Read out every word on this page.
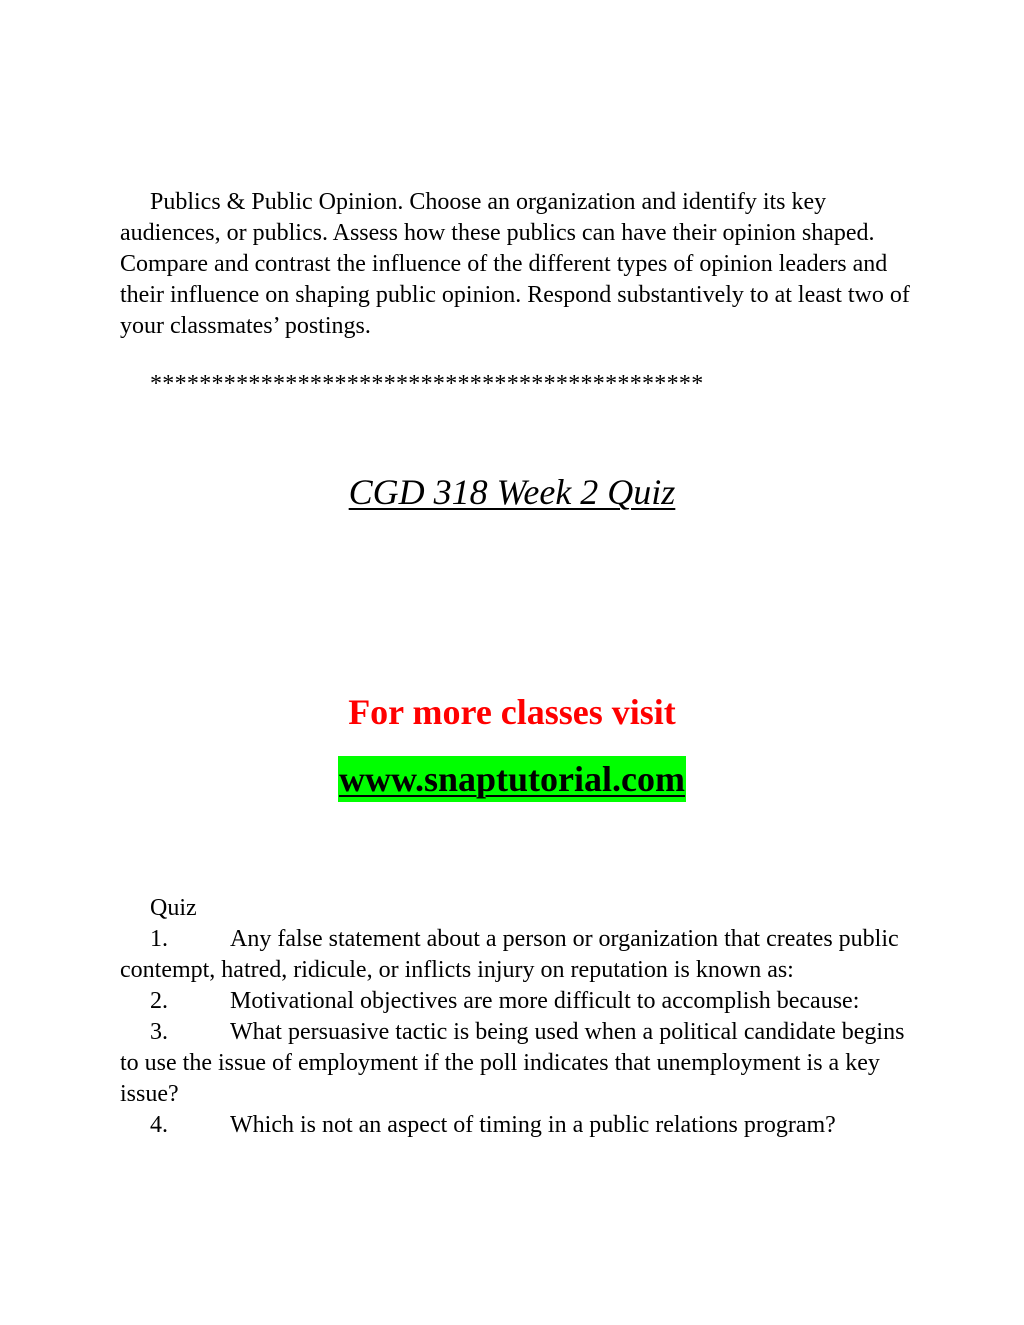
Publics & Public Opinion. Choose an organization and identify its key audiences, or publics. Assess how these publics can have their opinion shaped. Compare and contrast the influence of the different types of opinion leaders and their influence on shaping public opinion. Respond substantively to at least two of your classmates’ postings.

*********************************************
CGD 318 Week 2 Quiz
For more classes visit
www.snaptutorial.com
Quiz
1.	Any false statement about a person or organization that creates public contempt, hatred, ridicule, or inflicts injury on reputation is known as:
2.	Motivational objectives are more difficult to accomplish because:
3.	What persuasive tactic is being used when a political candidate begins to use the issue of employment if the poll indicates that unemployment is a key issue?
4.	Which is not an aspect of timing in a public relations program?
